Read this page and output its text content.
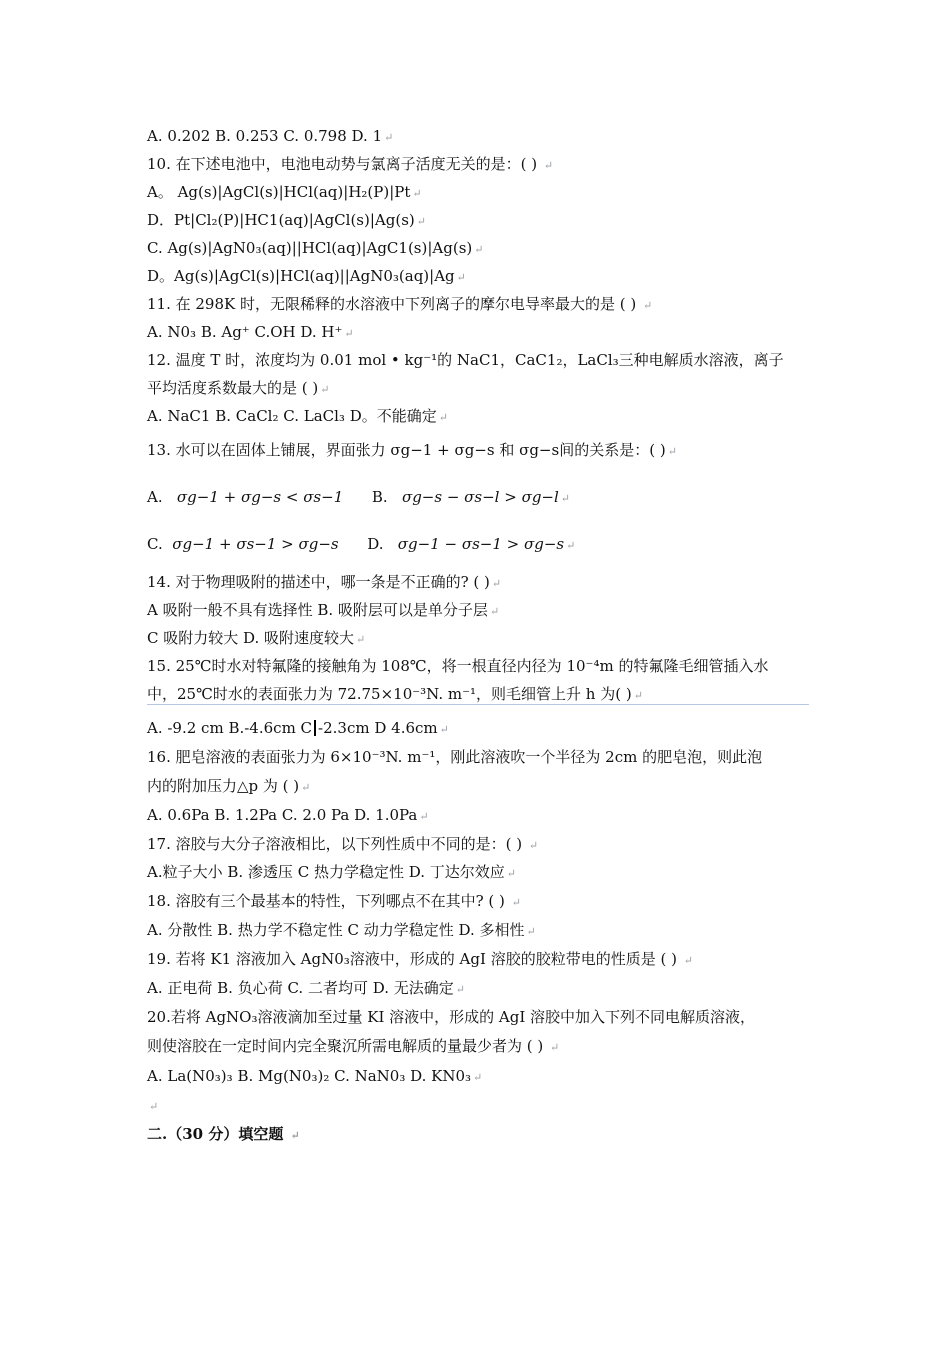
A. 0.202 B. 0.253 C. 0.798 D. 1 ↵
10. 在下述电池中，电池电动势与氯离子活度无关的是：( ) ↵
A。 Ag(s)|AgCl(s)|HCl(aq)|H₂(P)|Pt ↵
D．Pt|Cl₂(P)|HC1(aq)|AgCl(s)|Ag(s) ↵
C. Ag(s)|AgN0₃(aq)||HCl(aq)|AgC1(s)|Ag(s) ↵
D。Ag(s)|AgCl(s)|HCl(aq)||AgN0₃(aq)|Ag ↵
11. 在 298K 时，无限稀释的水溶液中下列离子的摩尔电导率最大的是 ( ) ↵
A. N0₃ B. Ag⁺ C.OH D. H⁺ ↵
12. 温度 T 时，浓度均为 0.01 mol • kg⁻¹的 NaC1，CaC1₂，LaCl₃三种电解质水溶液，离子
平均活度系数最大的是 ( ) ↵
A. NaC1 B. CaCl₂ C. LaCl₃ D。不能确定 ↵
13. 水可以在固体上铺展，界面张力 σg−1 + σg−s 和 σg−s间的关系是：( ) ↵
A. σg−1 + σg−s < σs−1 B. σg−s − σs−l > σg−l ↵
C. σg−1 + σs−1 > σg−s D. σg−1 − σs−1 > σg−s ↵
14. 对于物理吸附的描述中，哪一条是不正确的? ( ) ↵
A 吸附一般不具有选择性 B. 吸附层可以是单分子层 ↵
C 吸附力较大 D. 吸附速度较大 ↵
15. 25℃时水对特氟隆的接触角为 108℃，将一根直径内径为 10⁻⁴m 的特氟隆毛细管插入水
中，25℃时水的表面张力为 72.75×10⁻³N. m⁻¹，则毛细管上升 h 为( ) ↵
A. -9.2 cm B.-4.6cm C -2.3cm D 4.6cm ↵
16. 肥皂溶液的表面张力为 6×10⁻³N. m⁻¹，刚此溶液吹一个半径为 2cm 的肥皂泡，则此泡
内的附加压力△p 为 ( ) ↵
A. 0.6Pa B. 1.2Pa C. 2.0 Pa D. 1.0Pa ↵
17. 溶胶与大分子溶液相比，以下列性质中不同的是：( ) ↵
A.粒子大小 B. 渗透压 C 热力学稳定性 D. 丁达尔效应 ↵
18. 溶胶有三个最基本的特性，下列哪点不在其中? ( ) ↵
A. 分散性 B. 热力学不稳定性 C 动力学稳定性 D. 多相性 ↵
19. 若将 K1 溶液加入 AgN0₃溶液中，形成的 AgI 溶胶的胶粒带电的性质是 ( ) ↵
A. 正电荷 B. 负心荷 C. 二者均可 D. 无法确定 ↵
20.若将 AgNO₃溶液滴加至过量 KI 溶液中，形成的 AgI 溶胶中加入下列不同电解质溶液，
则使溶胶在一定时间内完全聚沉所需电解质的量最少者为 ( ) ↵
A. La(N0₃)₃ B. Mg(N0₃)₂ C. NaN0₃ D. KN0₃ ↵
↵
二.（30 分）填空题 ↵
